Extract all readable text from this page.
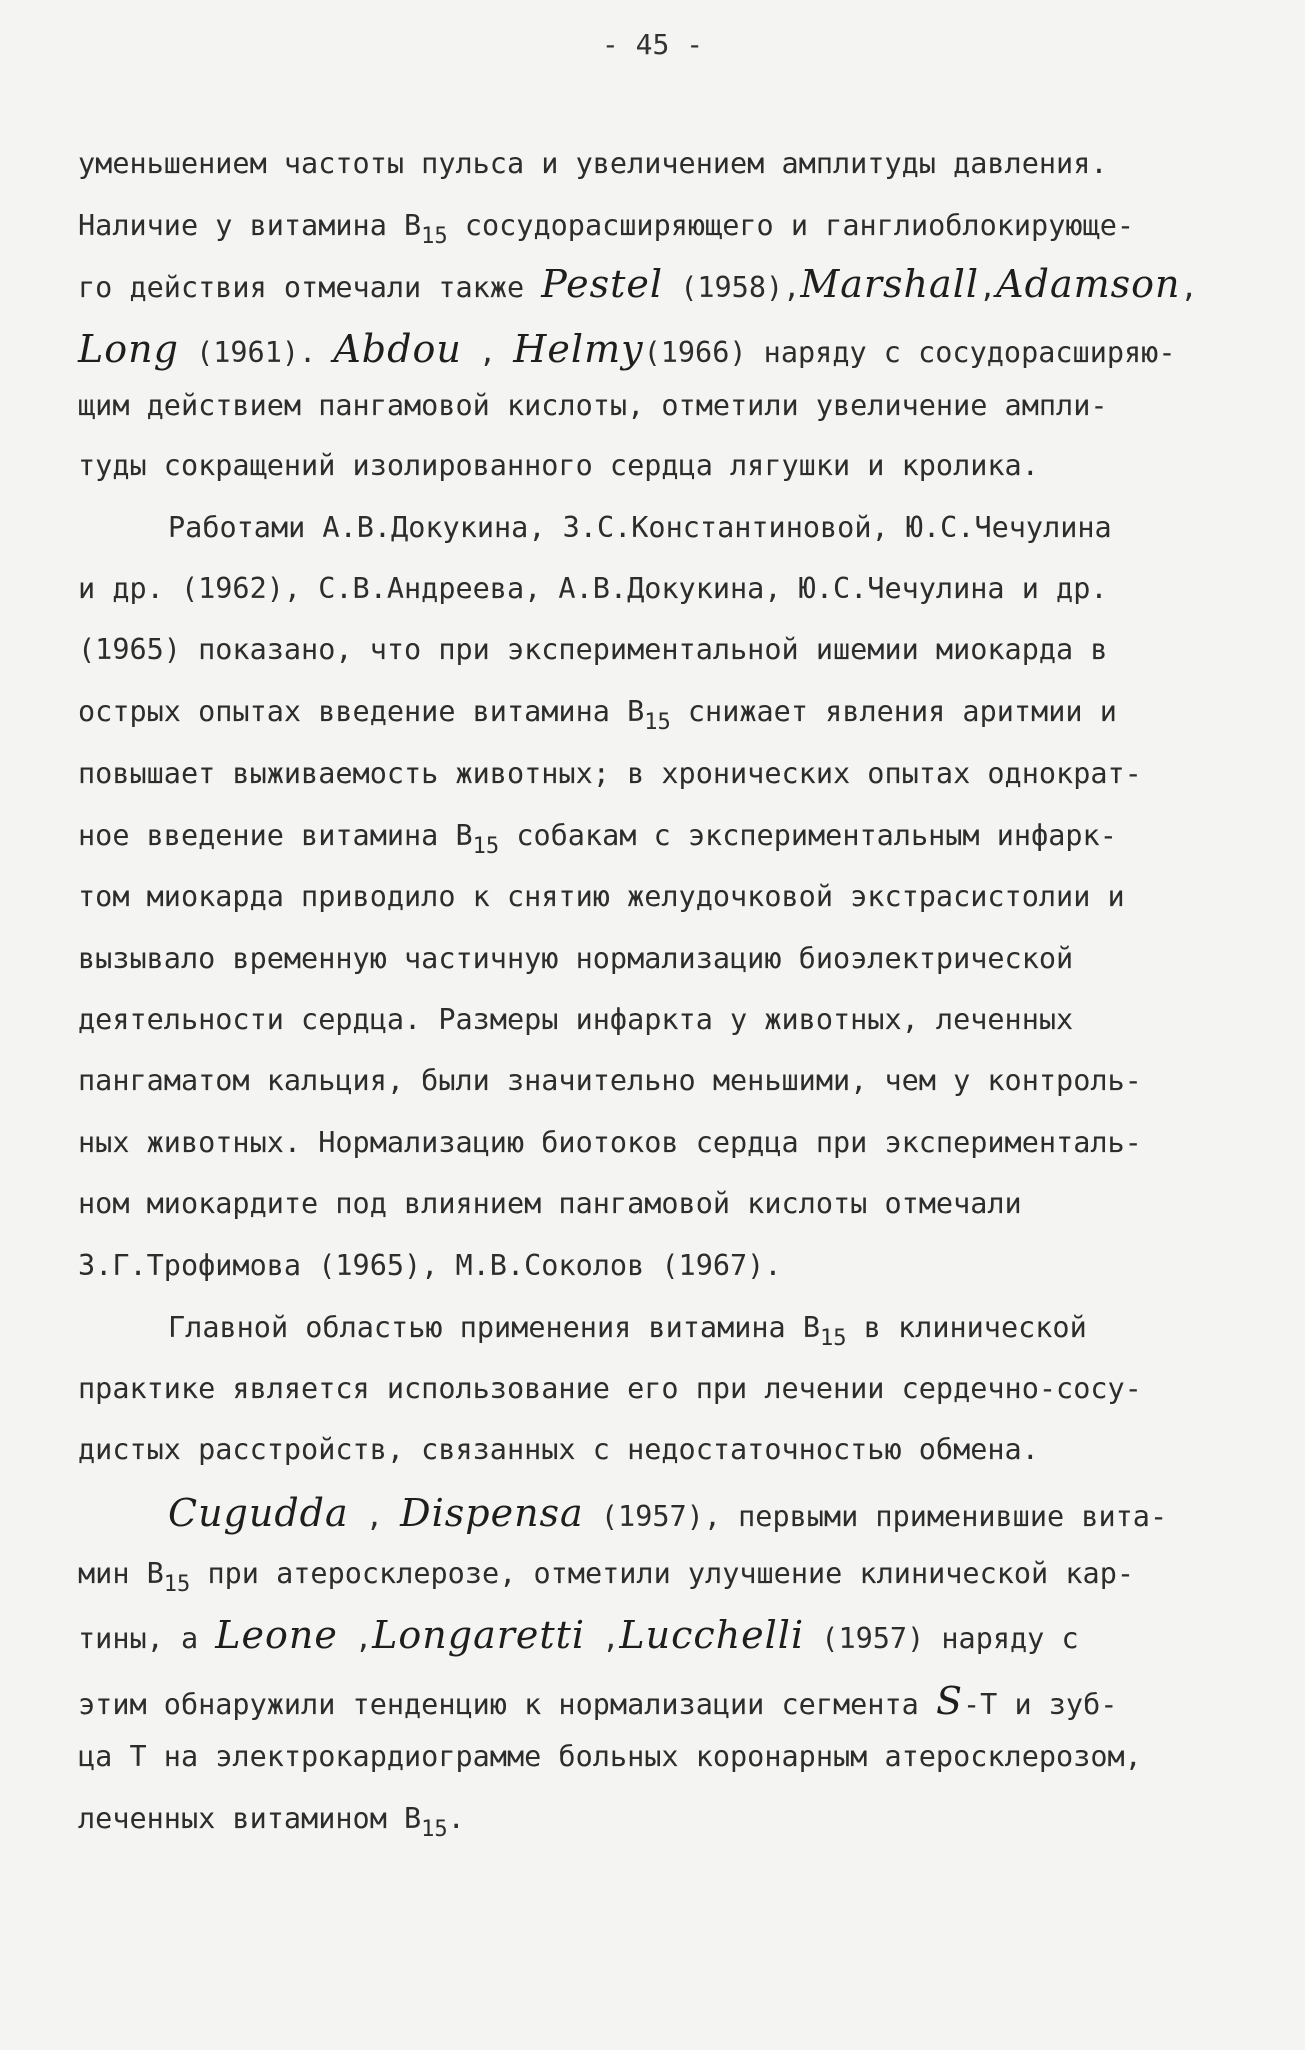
- 45 -
уменьшением частоты пульса и увеличением амплитуды давления.
Наличие у витамина $B_{15}$ сосудорасширяющего и ганглиоблокирующе-
го действия отмечали также Pestel (1958),Marshall,Adamson,
Long (1961). Abdou , Helmy(1966) наряду с сосудорасширяю-
щим действием пангамовой кислоты, отметили увеличение ампли-
туды сокращений изолированного сердца лягушки и кролика.
Работами А.В.Докукина, З.С.Константиновой, Ю.С.Чечулина
и др. (1962), С.В.Андреева, А.В.Докукина, Ю.С.Чечулина и др.
(1965) показано, что при экспериментальной ишемии миокарда в
острых опытах введение витамина $B_{15}$ снижает явления аритмии и
повышает выживаемость животных; в хронических опытах однократ-
ное введение витамина $B_{15}$ собакам с экспериментальным инфарк-
том миокарда приводило к снятию желудочковой экстрасистолии и
вызывало временную частичную нормализацию биоэлектрической
деятельности сердца. Размеры инфаркта у животных, леченных
пангаматом кальция, были значительно меньшими, чем у контроль-
ных животных. Нормализацию биотоков сердца при эксперименталь-
ном миокардите под влиянием пангамовой кислоты отмечали
З.Г.Трофимова (1965), М.В.Соколов (1967).
Главной областью применения витамина $B_{15}$ в клинической
практике является использование его при лечении сердечно-сосу-
дистых расстройств, связанных с недостаточностью обмена.
Cugudda , Dispensa (1957), первыми применившие вита-
мин $B_{15}$ при атеросклерозе, отметили улучшение клинической кар-
тины, а Leone ,Longaretti ,Lucchelli (1957) наряду с
этим обнаружили тенденцию к нормализации сегмента S-T и зуб-
ца T на электрокардиограмме больных коронарным атеросклерозом,
леченных витамином $B_{15}$.
